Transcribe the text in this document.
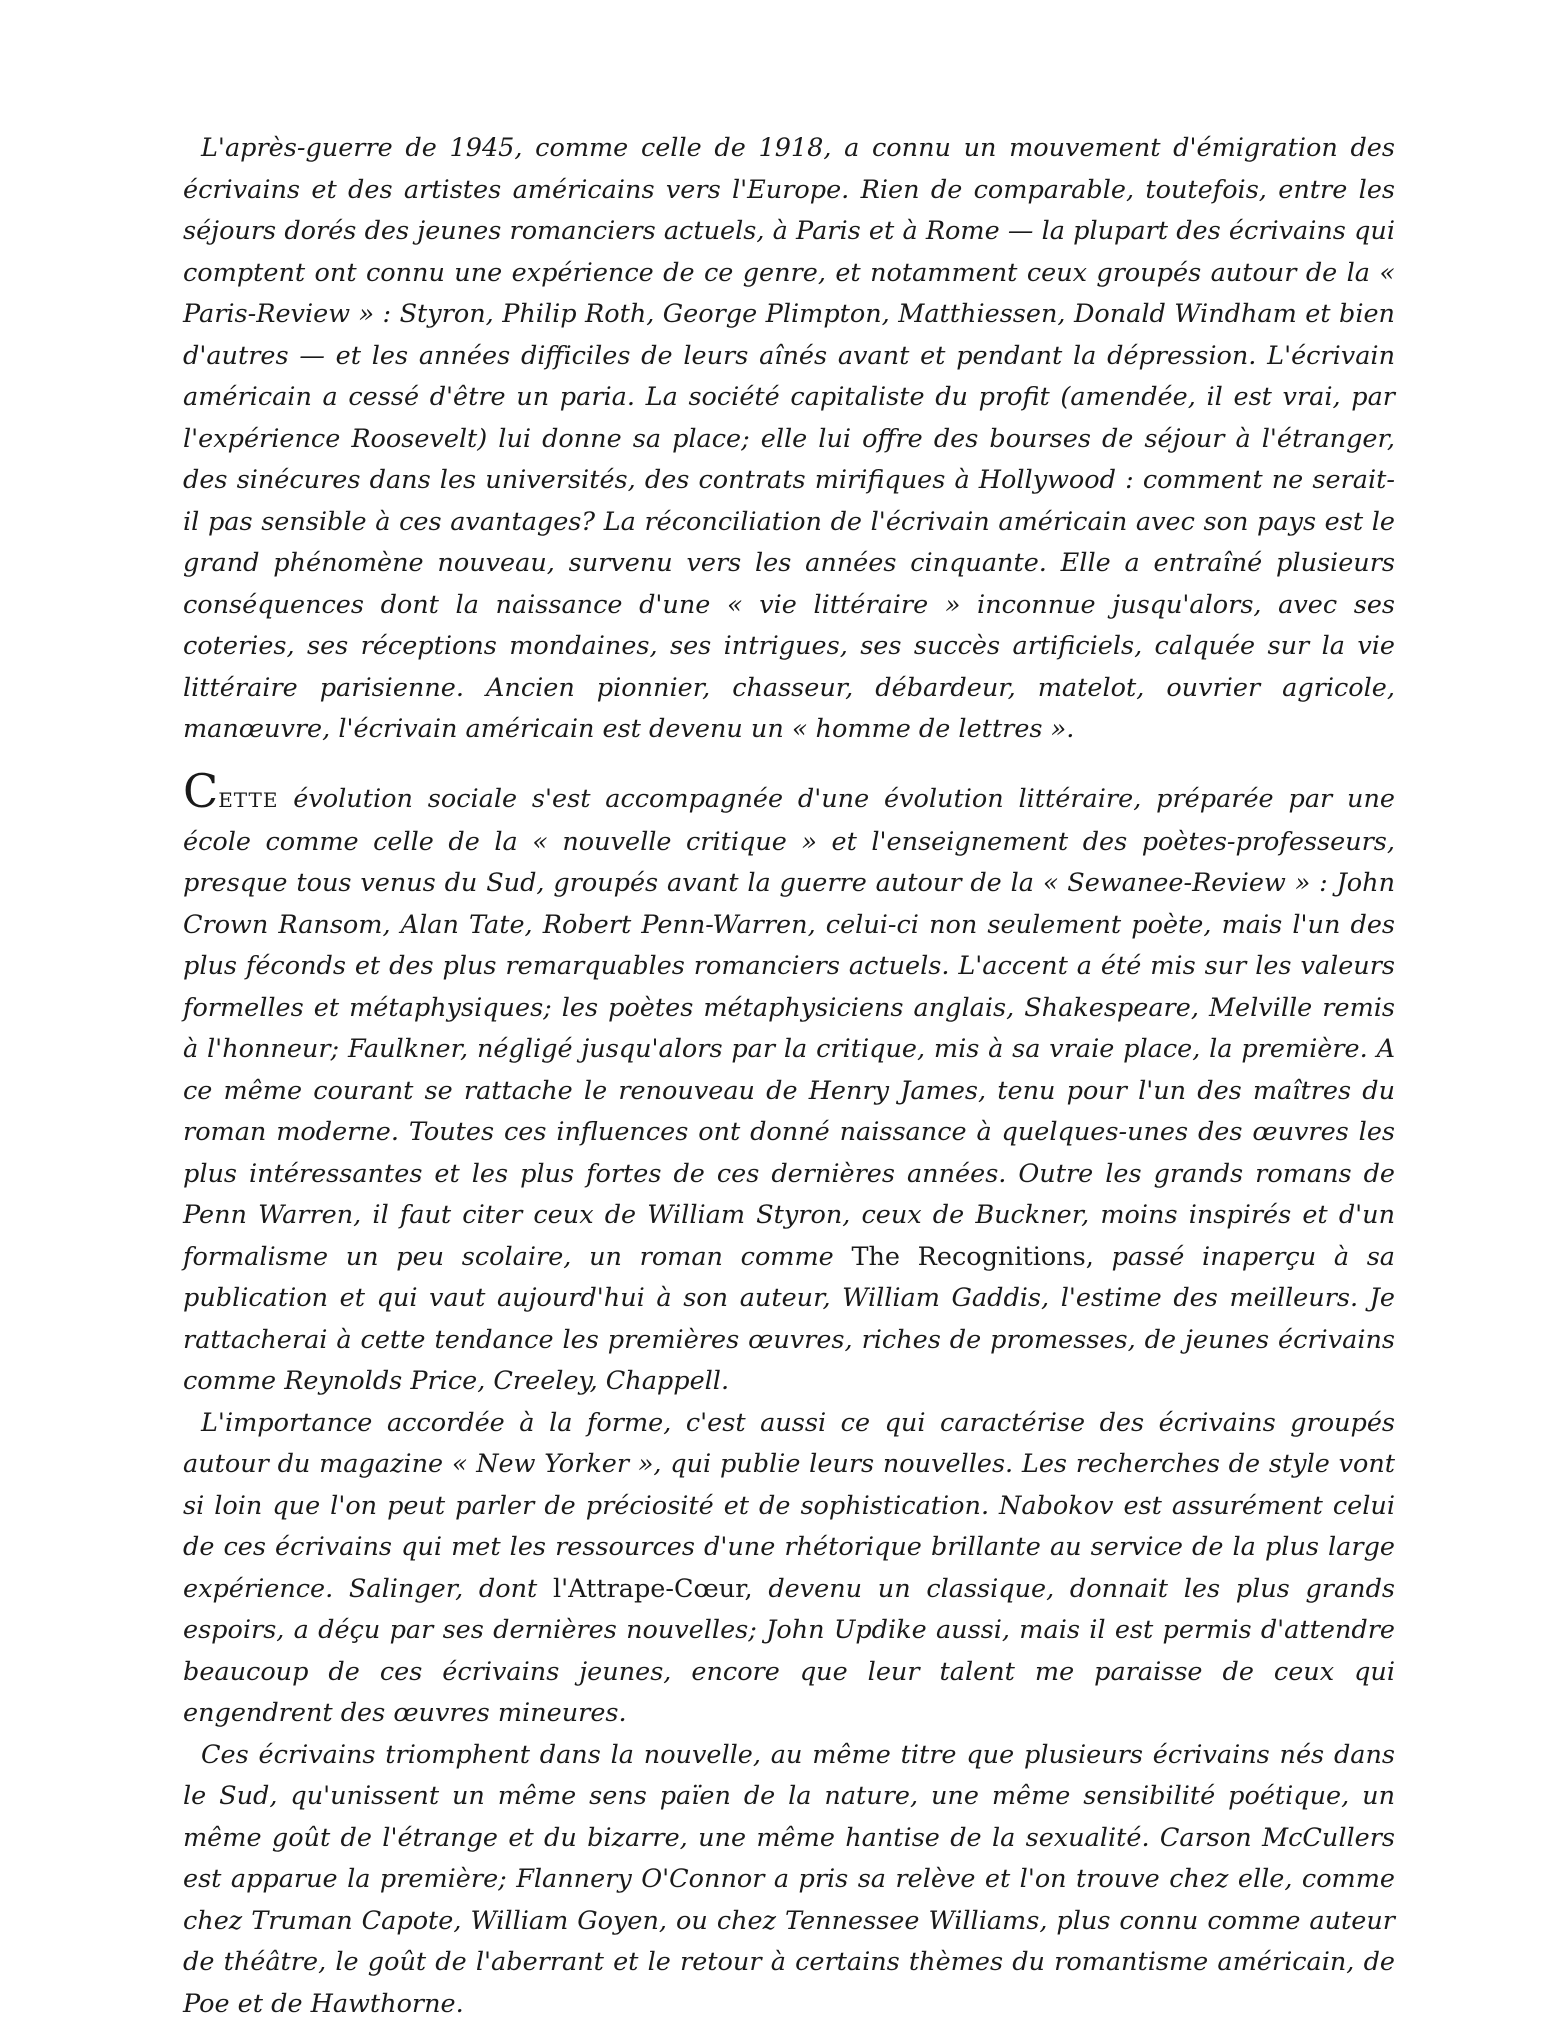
L'après-guerre de 1945, comme celle de 1918, a connu un mouvement d'émigration des écrivains et des artistes américains vers l'Europe. Rien de comparable, toutefois, entre les séjours dorés des jeunes romanciers actuels, à Paris et à Rome — la plupart des écrivains qui comptent ont connu une expérience de ce genre, et notamment ceux groupés autour de la « Paris-Review » : Styron, Philip Roth, George Plimpton, Matthiessen, Donald Windham et bien d'autres — et les années difficiles de leurs aînés avant et pendant la dépression. L'écrivain américain a cessé d'être un paria. La société capitaliste du profit (amendée, il est vrai, par l'expérience Roosevelt) lui donne sa place; elle lui offre des bourses de séjour à l'étranger, des sinécures dans les universités, des contrats mirifiques à Hollywood : comment ne serait-il pas sensible à ces avantages? La réconciliation de l'écrivain américain avec son pays est le grand phénomène nouveau, survenu vers les années cinquante. Elle a entraîné plusieurs conséquences dont la naissance d'une « vie littéraire » inconnue jusqu'alors, avec ses coteries, ses réceptions mondaines, ses intrigues, ses succès artificiels, calquée sur la vie littéraire parisienne. Ancien pionnier, chasseur, débardeur, matelot, ouvrier agricole, manœuvre, l'écrivain américain est devenu un « homme de lettres ».

CETTE évolution sociale s'est accompagnée d'une évolution littéraire, préparée par une école comme celle de la « nouvelle critique » et l'enseignement des poètes-professeurs, presque tous venus du Sud, groupés avant la guerre autour de la « Sewanee-Review » : John Crown Ransom, Alan Tate, Robert Penn-Warren, celui-ci non seulement poète, mais l'un des plus féconds et des plus remarquables romanciers actuels. L'accent a été mis sur les valeurs formelles et métaphysiques; les poètes métaphysiciens anglais, Shakespeare, Melville remis à l'honneur; Faulkner, négligé jusqu'alors par la critique, mis à sa vraie place, la première. A ce même courant se rattache le renouveau de Henry James, tenu pour l'un des maîtres du roman moderne. Toutes ces influences ont donné naissance à quelques-unes des œuvres les plus intéressantes et les plus fortes de ces dernières années. Outre les grands romans de Penn Warren, il faut citer ceux de William Styron, ceux de Buckner, moins inspirés et d'un formalisme un peu scolaire, un roman comme The Recognitions, passé inaperçu à sa publication et qui vaut aujourd'hui à son auteur, William Gaddis, l'estime des meilleurs. Je rattacherai à cette tendance les premières œuvres, riches de promesses, de jeunes écrivains comme Reynolds Price, Creeley, Chappell.

L'importance accordée à la forme, c'est aussi ce qui caractérise des écrivains groupés autour du magazine « New Yorker », qui publie leurs nouvelles. Les recherches de style vont si loin que l'on peut parler de préciosité et de sophistication. Nabokov est assurément celui de ces écrivains qui met les ressources d'une rhétorique brillante au service de la plus large expérience. Salinger, dont l'Attrape-Cœur, devenu un classique, donnait les plus grands espoirs, a déçu par ses dernières nouvelles; John Updike aussi, mais il est permis d'attendre beaucoup de ces écrivains jeunes, encore que leur talent me paraisse de ceux qui engendrent des œuvres mineures.

Ces écrivains triomphent dans la nouvelle, au même titre que plusieurs écrivains nés dans le Sud, qu'unissent un même sens païen de la nature, une même sensibilité poétique, un même goût de l'étrange et du bizarre, une même hantise de la sexualité. Carson McCullers est apparue la première; Flannery O'Connor a pris sa relève et l'on trouve chez elle, comme chez Truman Capote, William Goyen, ou chez Tennessee Williams, plus connu comme auteur de théâtre, le goût de l'aberrant et le retour à certains thèmes du romantisme américain, de Poe et de Hawthorne.
